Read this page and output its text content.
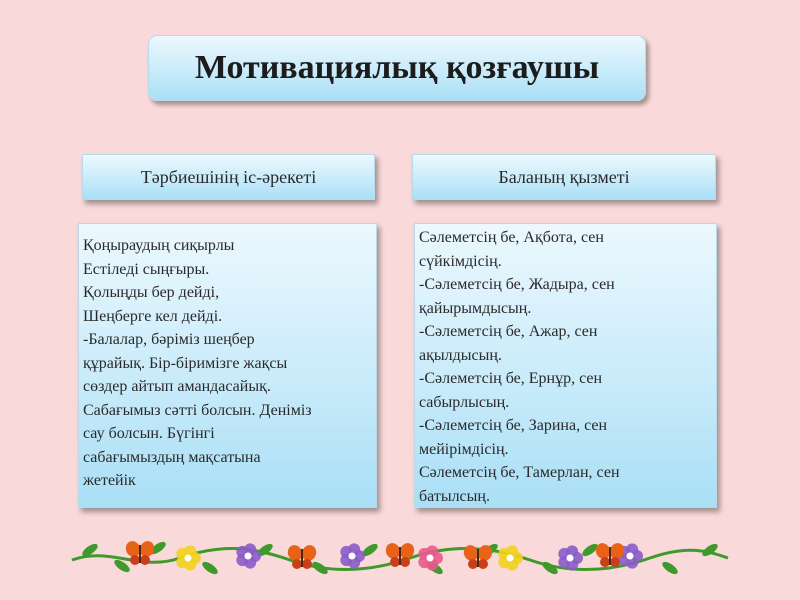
Мотивациялық қозғаушы
Тәрбиешінің іс-әрекеті	Баланың қызметі
Қоңыраудың сиқырлы
Естіледі сыңғыры.
Қолыңды бер дейді,
Шеңберге кел дейді.
-Балалар, бәріміз шеңбер
құрайық. Бір-біримізге жақсы
сөздер айтып амандасайық.
Сабағымыз сәтті болсын. Деніміз
сау болсын. Бүгінгі
сабағымыздың мақсатына
жетейік
Сәлеметсің бе, Ақбота, сен
сүйкімдісің.
-Сәлеметсің бе, Жадыра, сен
қайырымдысың.
-Сәлеметсің бе, Ажар, сен
ақылдысың.
-Сәлеметсің бе, Ернұр, сен
сабырлысың.
-Сәлеметсің бе, Зарина, сен
мейірімдісің.
Сәлеметсің бе, Тамерлан, сен
батылсың.
